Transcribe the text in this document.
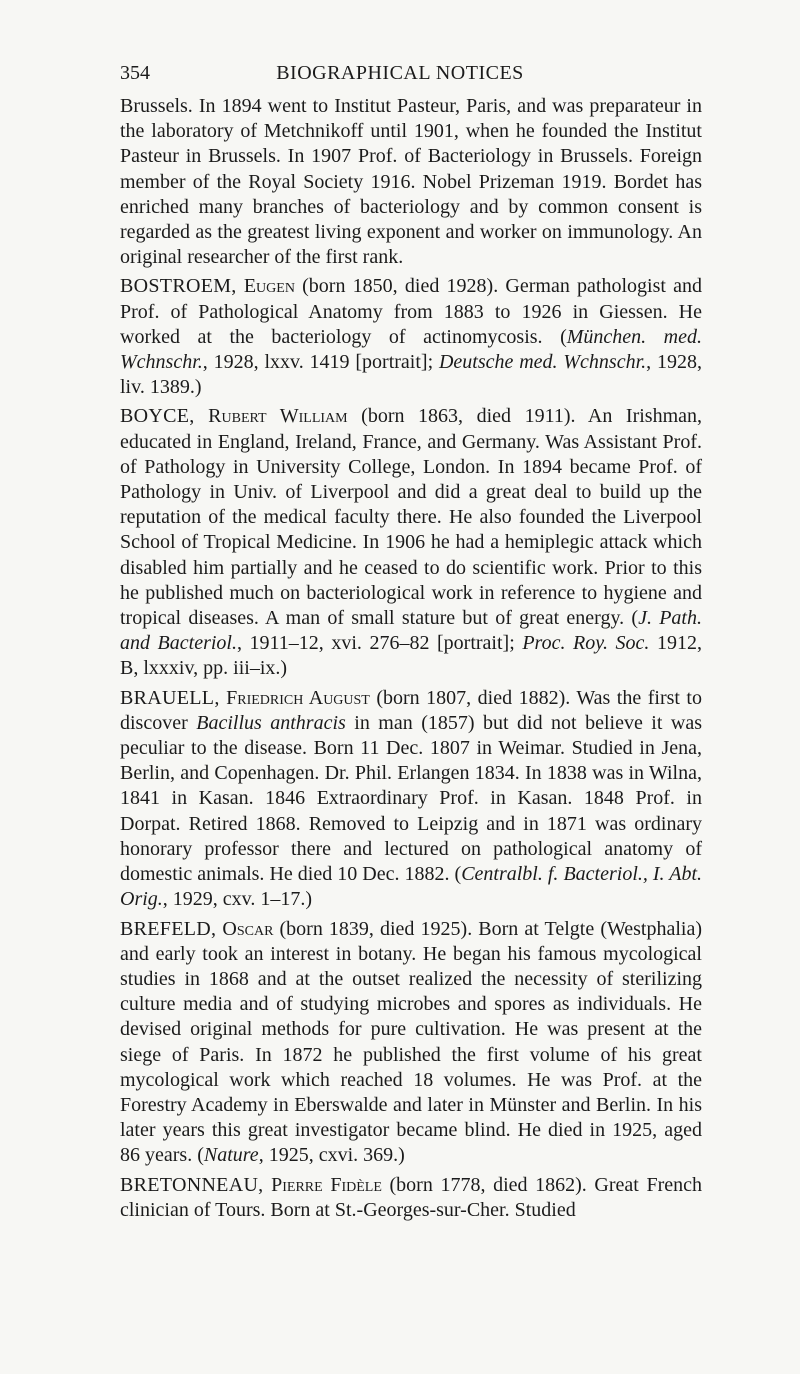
354	BIOGRAPHICAL NOTICES

Brussels. In 1894 went to Institut Pasteur, Paris, and was preparateur in the laboratory of Metchnikoff until 1901, when he founded the Institut Pasteur in Brussels. In 1907 Prof. of Bacteriology in Brussels. Foreign member of the Royal Society 1916. Nobel Prizeman 1919. Bordet has enriched many branches of bacteriology and by common consent is regarded as the greatest living exponent and worker on immunology. An original researcher of the first rank.

BOSTROEM, Eugen (born 1850, died 1928). German pathologist and Prof. of Pathological Anatomy from 1883 to 1926 in Giessen. He worked at the bacteriology of actinomycosis. (München. med. Wchnschr., 1928, lxxv. 1419 [portrait]; Deutsche med. Wchnschr., 1928, liv. 1389.)

BOYCE, Rubert William (born 1863, died 1911). An Irishman, educated in England, Ireland, France, and Germany. Was Assistant Prof. of Pathology in University College, London. In 1894 became Prof. of Pathology in Univ. of Liverpool and did a great deal to build up the reputation of the medical faculty there. He also founded the Liverpool School of Tropical Medicine. In 1906 he had a hemiplegic attack which disabled him partially and he ceased to do scientific work. Prior to this he published much on bacteriological work in reference to hygiene and tropical diseases. A man of small stature but of great energy. (J. Path. and Bacteriol., 1911–12, xvi. 276–82 [portrait]; Proc. Roy. Soc. 1912, B, lxxxiv, pp. iii–ix.)

BRAUELL, Friedrich August (born 1807, died 1882). Was the first to discover Bacillus anthracis in man (1857) but did not believe it was peculiar to the disease. Born 11 Dec. 1807 in Weimar. Studied in Jena, Berlin, and Copenhagen. Dr. Phil. Erlangen 1834. In 1838 was in Wilna, 1841 in Kasan. 1846 Extraordinary Prof. in Kasan. 1848 Prof. in Dorpat. Retired 1868. Removed to Leipzig and in 1871 was ordinary honorary professor there and lectured on pathological anatomy of domestic animals. He died 10 Dec. 1882. (Centralbl. f. Bacteriol., I. Abt. Orig., 1929, cxv. 1–17.)

BREFELD, Oscar (born 1839, died 1925). Born at Telgte (Westphalia) and early took an interest in botany. He began his famous mycological studies in 1868 and at the outset realized the necessity of sterilizing culture media and of studying microbes and spores as individuals. He devised original methods for pure cultivation. He was present at the siege of Paris. In 1872 he published the first volume of his great mycological work which reached 18 volumes. He was Prof. at the Forestry Academy in Eberswalde and later in Münster and Berlin. In his later years this great investigator became blind. He died in 1925, aged 86 years. (Nature, 1925, cxvi. 369.)

BRETONNEAU, Pierre Fidèle (born 1778, died 1862). Great French clinician of Tours. Born at St.-Georges-sur-Cher. Studied
